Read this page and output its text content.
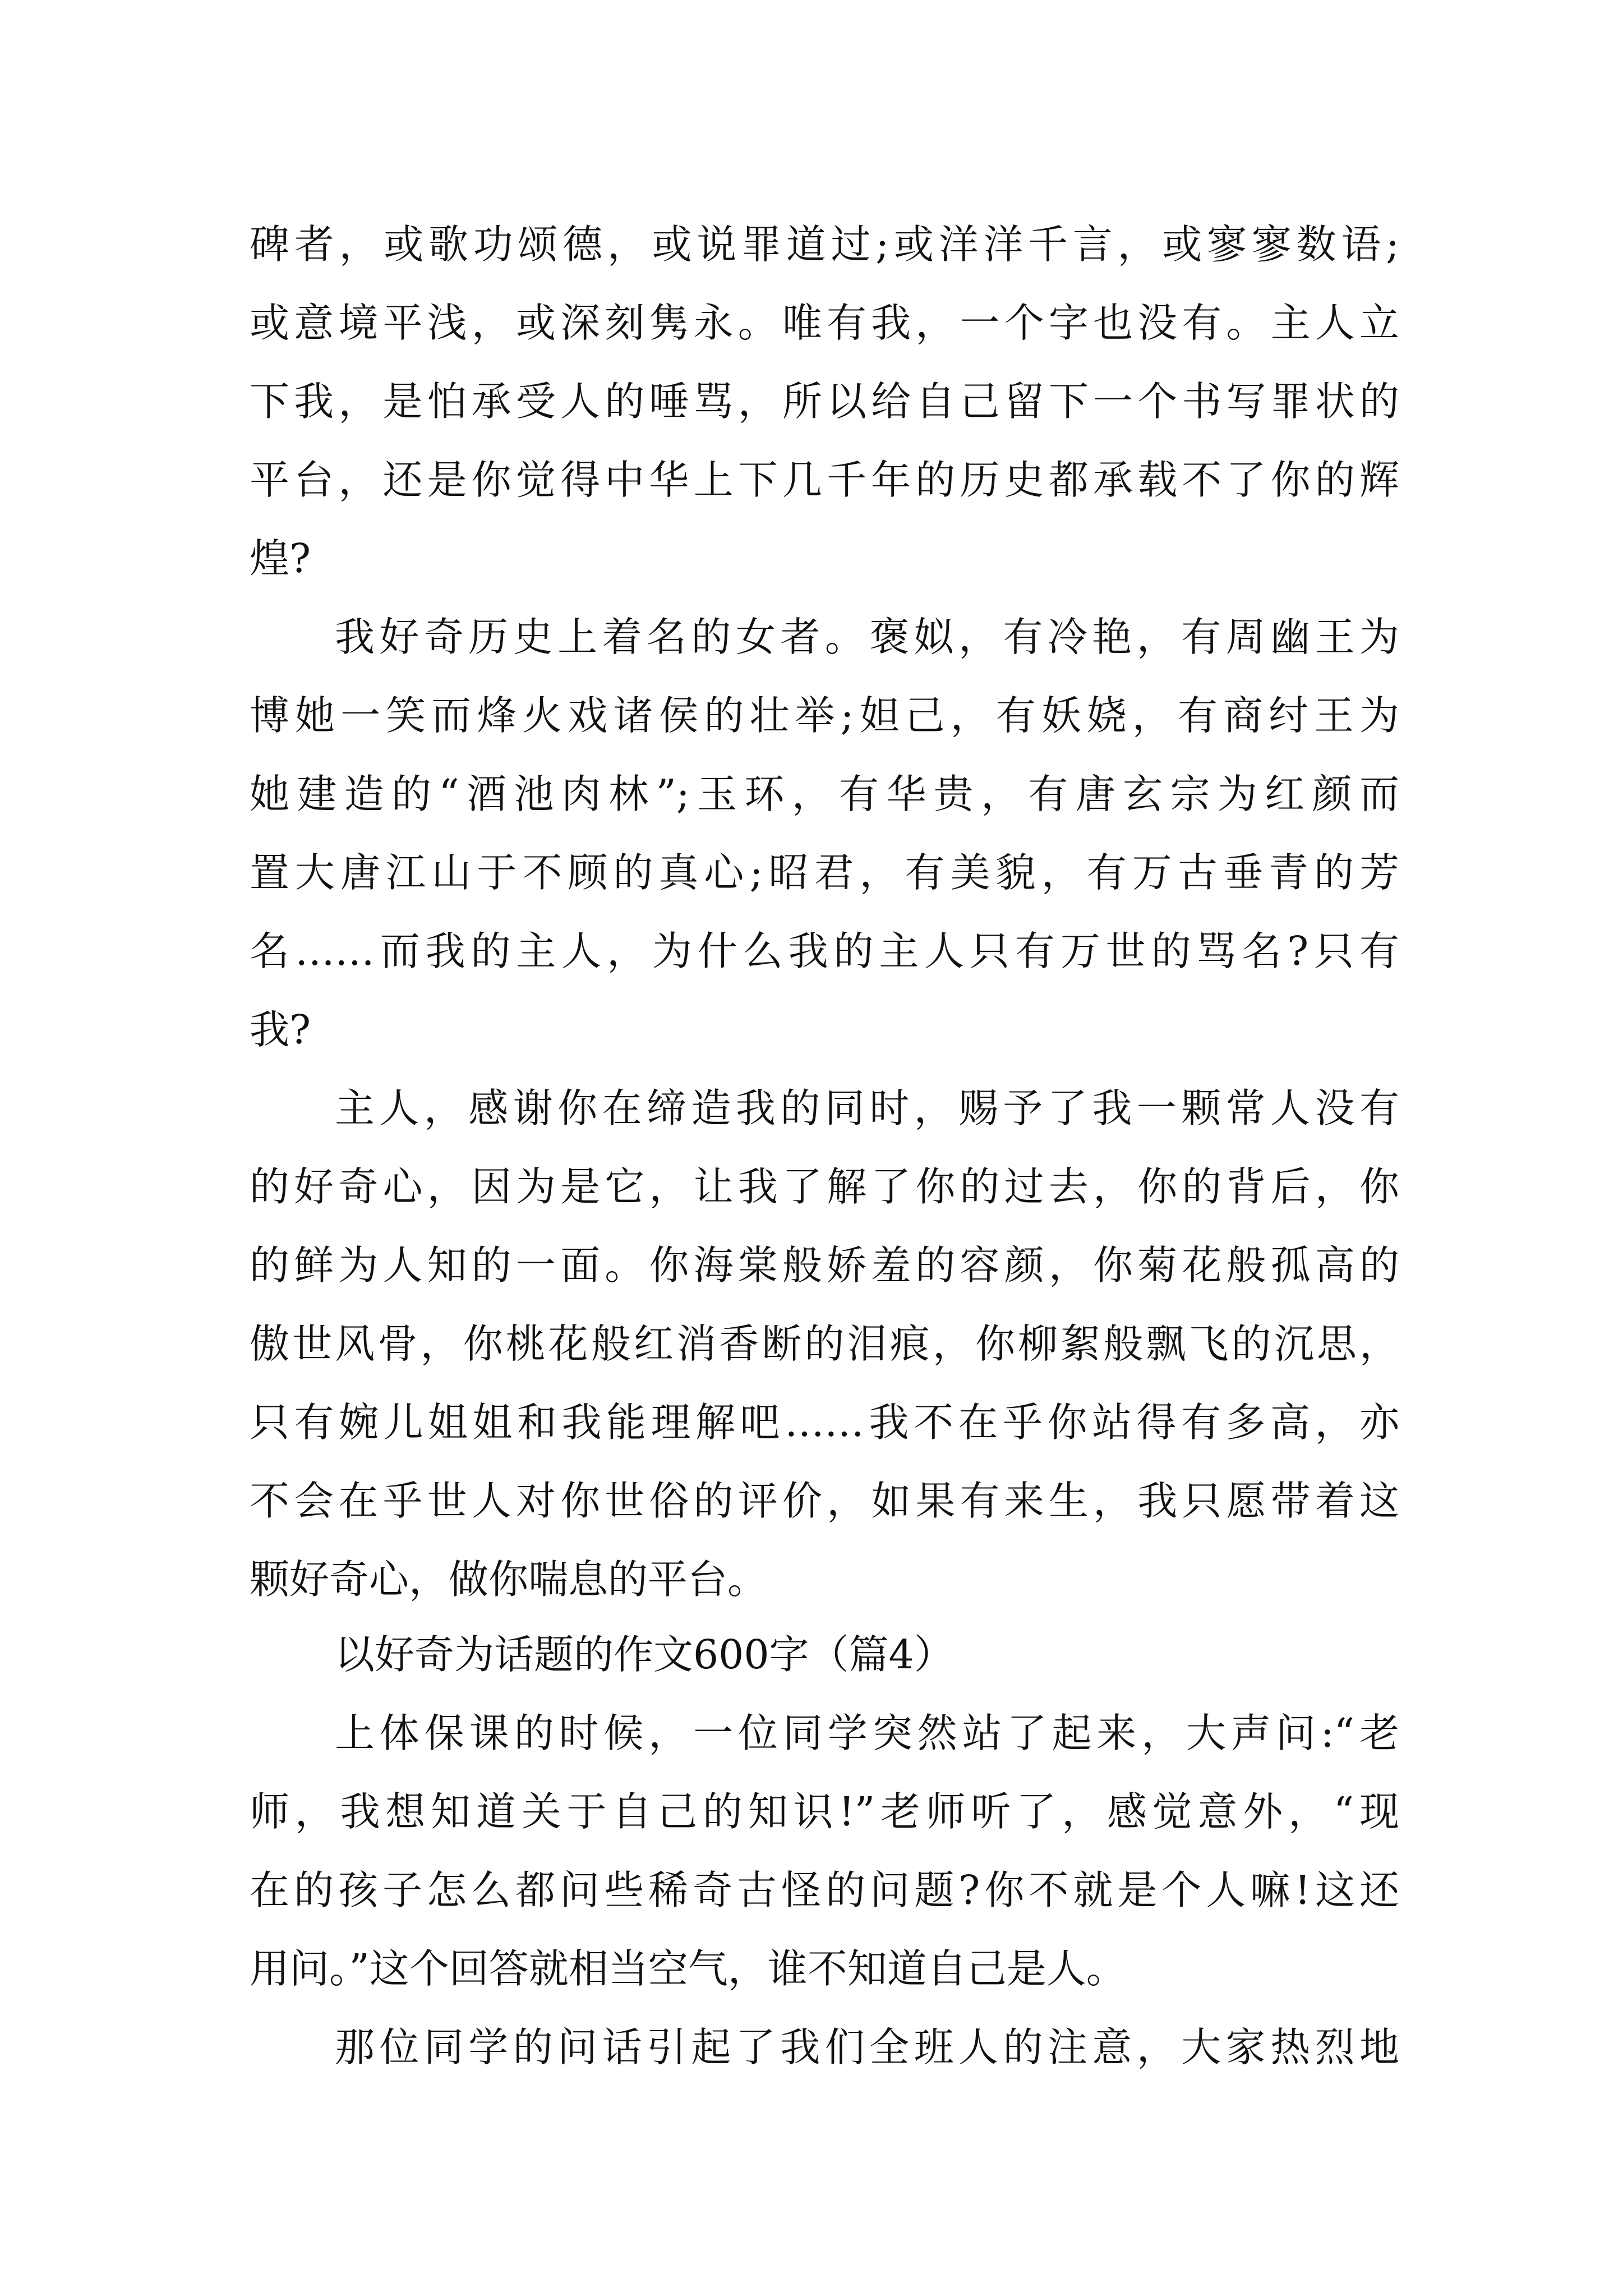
碑者，或歌功颂德，或说罪道过;或洋洋千言，或寥寥数语;
或意境平浅，或深刻隽永。唯有我，一个字也没有。主人立
下我，是怕承受人的唾骂，所以给自己留下一个书写罪状的
平台，还是你觉得中华上下几千年的历史都承载不了你的辉
煌?
我好奇历史上着名的女者。褒姒，有冷艳，有周幽王为
博她一笑而烽火戏诸侯的壮举;妲己，有妖娆，有商纣王为
她建造的“酒池肉林”;玉环，有华贵，有唐玄宗为红颜而
置大唐江山于不顾的真心;昭君，有美貌，有万古垂青的芳
名……而我的主人，为什么我的主人只有万世的骂名?只有
我?
主人，感谢你在缔造我的同时，赐予了我一颗常人没有
的好奇心，因为是它，让我了解了你的过去，你的背后，你
的鲜为人知的一面。你海棠般娇羞的容颜，你菊花般孤高的
傲世风骨，你桃花般红消香断的泪痕，你柳絮般飘飞的沉思，
只有婉儿姐姐和我能理解吧……我不在乎你站得有多高，亦
不会在乎世人对你世俗的评价，如果有来生，我只愿带着这
颗好奇心，做你喘息的平台。
以好奇为话题的作文600字（篇4）
上体保课的时候，一位同学突然站了起来，大声问:“老
师，我想知道关于自己的知识!”老师听了，感觉意外，“现
在的孩子怎么都问些稀奇古怪的问题?你不就是个人嘛!这还
用问。”这个回答就相当空气，谁不知道自己是人。
那位同学的问话引起了我们全班人的注意，大家热烈地
